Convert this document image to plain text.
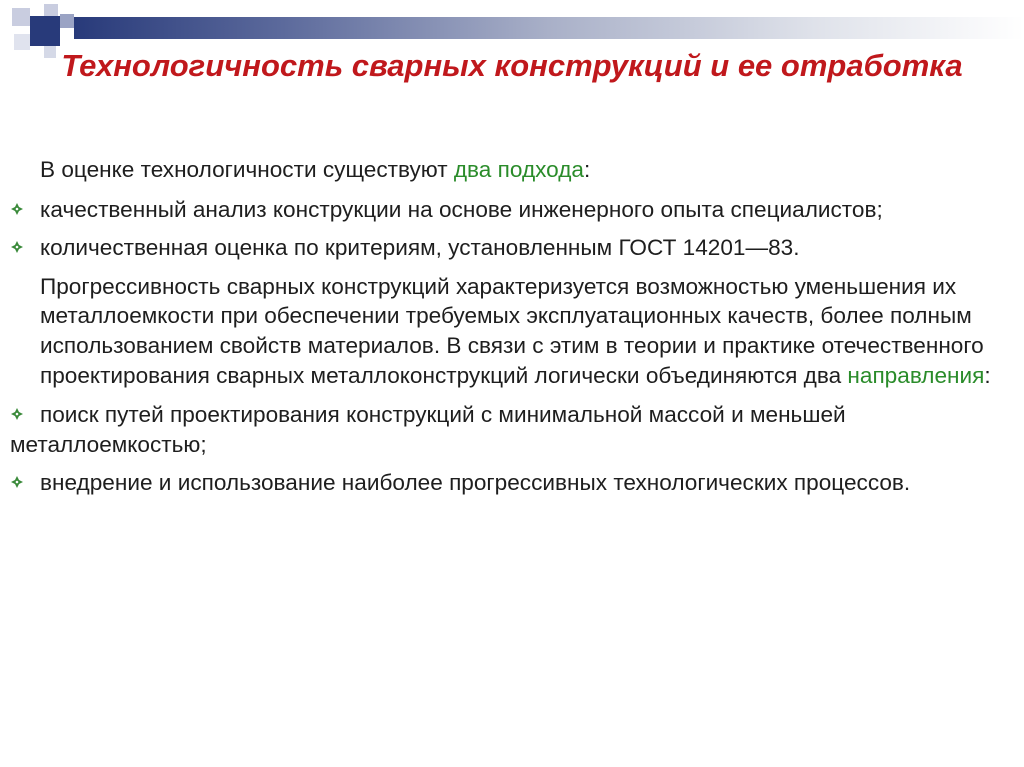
Технологичность сварных конструкций и ее отработка

В оценке технологичности существуют два подхода:

качественный анализ конструкции на основе инженерного опыта специалистов;

количественная оценка по критериям, установленным ГОСТ 14201—83.

Прогрессивность сварных конструкций характеризуется возможностью уменьшения их металлоемкости при обеспечении требуемых эксплуатационных качеств, более полным использованием свойств материалов. В связи с этим в теории и практике отечественного проектирования сварных металлоконструкций логически объединяются два направления:

поиск путей проектирования конструкций с минимальной массой и меньшей металлоемкостью;

внедрение и использование наиболее прогрессивных технологических процессов.
